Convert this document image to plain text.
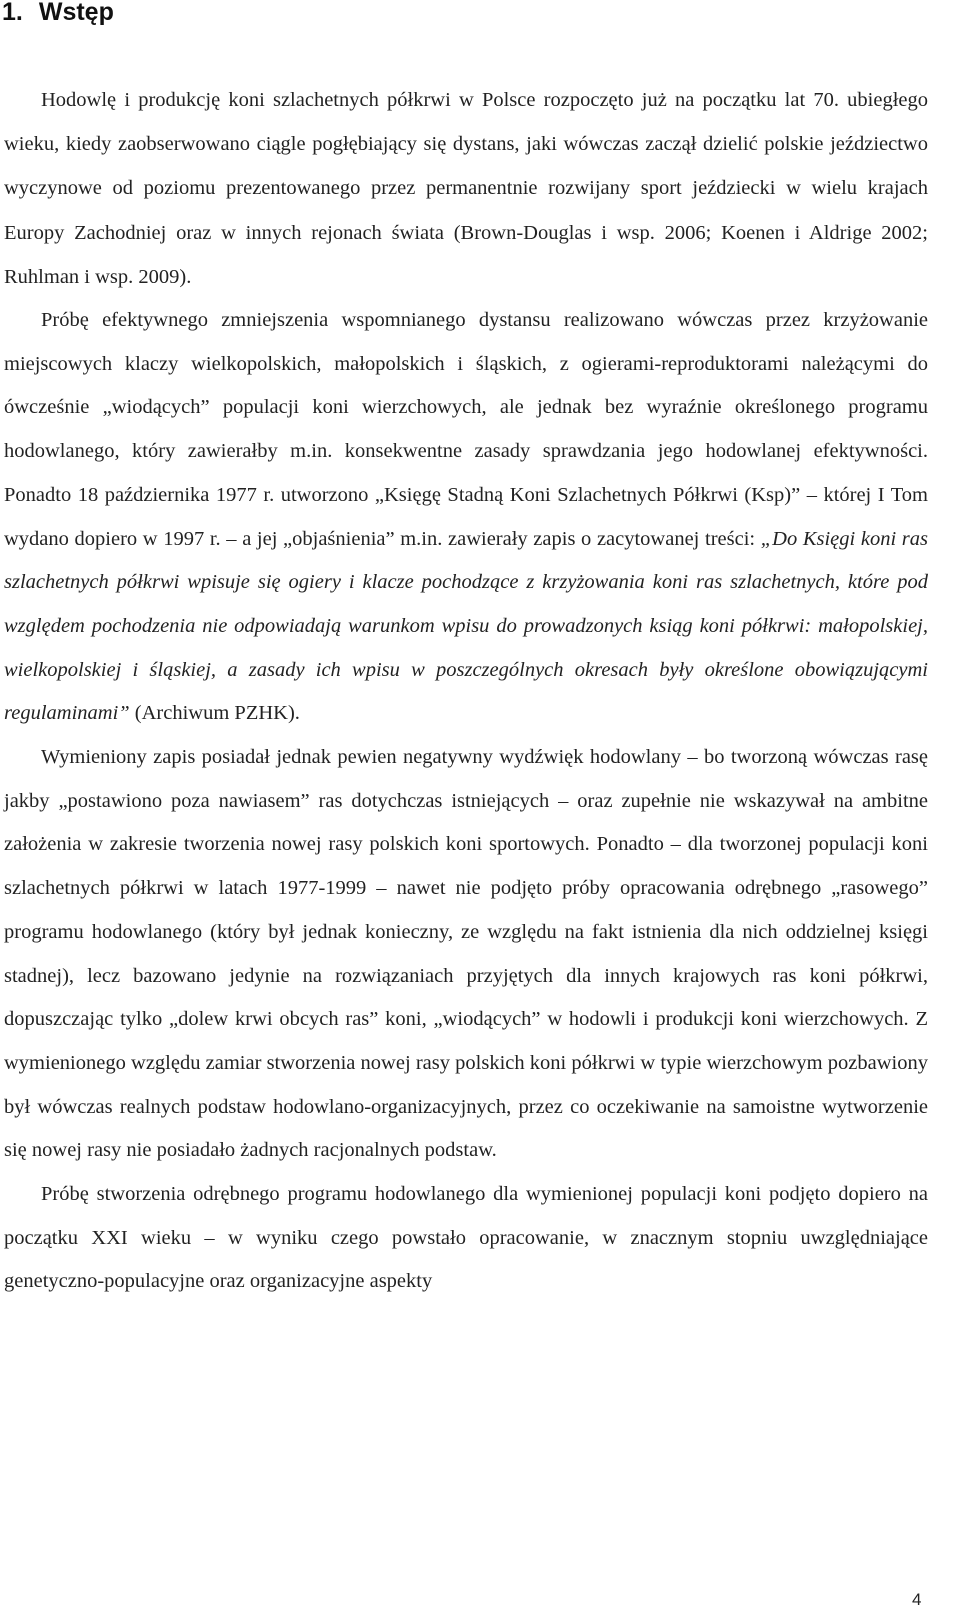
1. Wstęp

Hodowlę i produkcję koni szlachetnych półkrwi w Polsce rozpoczęto już na początku lat 70. ubiegłego wieku, kiedy zaobserwowano ciągle pogłębiający się dystans, jaki wówczas zaczął dzielić polskie jeździectwo wyczynowe od poziomu prezentowanego przez permanentnie rozwijany sport jeździecki w wielu krajach Europy Zachodniej oraz w innych rejonach świata (Brown-Douglas i wsp. 2006; Koenen i Aldrige 2002; Ruhlman i wsp. 2009).

Próbę efektywnego zmniejszenia wspomnianego dystansu realizowano wówczas przez krzyżowanie miejscowych klaczy wielkopolskich, małopolskich i śląskich, z ogierami-reproduktorami należącymi do ówcześnie „wiodących” populacji koni wierzchowych, ale jednak bez wyraźnie określonego programu hodowlanego, który zawierałby m.in. konsekwentne zasady sprawdzania jego hodowlanej efektywności. Ponadto 18 października 1977 r. utworzono „Księgę Stadną Koni Szlachetnych Półkrwi (Ksp)” – której I Tom wydano dopiero w 1997 r. – a jej „objaśnienia” m.in. zawierały zapis o zacytowanej treści: „Do Księgi koni ras szlachetnych półkrwi wpisuje się ogiery i klacze pochodzące z krzyżowania koni ras szlachetnych, które pod względem pochodzenia nie odpowiadają warunkom wpisu do prowadzonych ksiąg koni półkrwi: małopolskiej, wielkopolskiej i śląskiej, a zasady ich wpisu w poszczególnych okresach były określone obowiązującymi regulaminami” (Archiwum PZHK).

Wymieniony zapis posiadał jednak pewien negatywny wydźwięk hodowlany – bo tworzoną wówczas rasę jakby „postawiono poza nawiasem” ras dotychczas istniejących – oraz zupełnie nie wskazywał na ambitne założenia w zakresie tworzenia nowej rasy polskich koni sportowych. Ponadto – dla tworzonej populacji koni szlachetnych półkrwi w latach 1977-1999 – nawet nie podjęto próby opracowania odrębnego „rasowego” programu hodowlanego (który był jednak konieczny, ze względu na fakt istnienia dla nich oddzielnej księgi stadnej), lecz bazowano jedynie na rozwiązaniach przyjętych dla innych krajowych ras koni półkrwi, dopuszczając tylko „dolew krwi obcych ras” koni, „wiodących” w hodowli i produkcji koni wierzchowych. Z wymienionego względu zamiar stworzenia nowej rasy polskich koni półkrwi w typie wierzchowym pozbawiony był wówczas realnych podstaw hodowlano-organizacyjnych, przez co oczekiwanie na samoistne wytworzenie się nowej rasy nie posiadało żadnych racjonalnych podstaw.

Próbę stworzenia odrębnego programu hodowlanego dla wymienionej populacji koni podjęto dopiero na początku XXI wieku – w wyniku czego powstało opracowanie, w znacznym stopniu uwzględniające genetyczno-populacyjne oraz organizacyjne aspekty

4
